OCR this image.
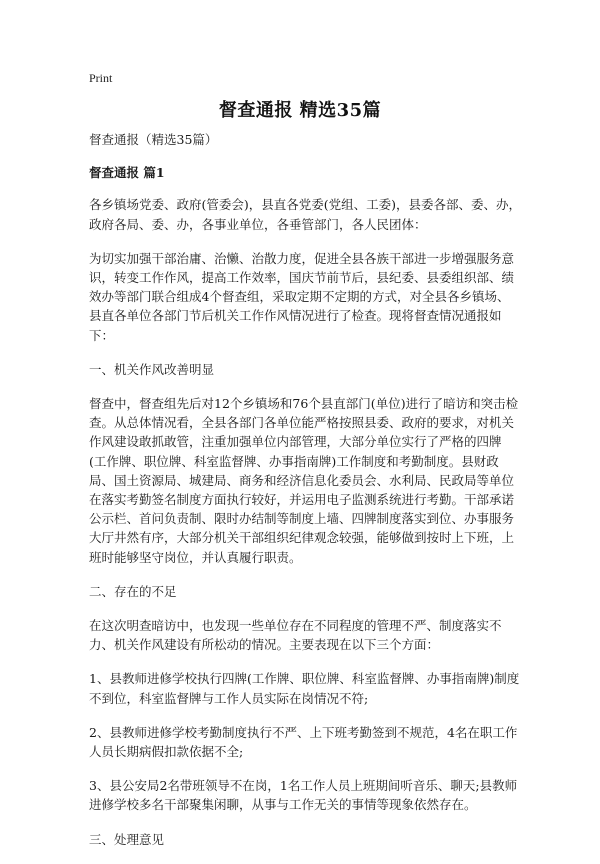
Print
督查通报 精选35篇

督查通报（精选35篇）

督查通报 篇1

各乡镇场党委、政府(管委会)，县直各党委(党组、工委)，县委各部、委、办，政府各局、委、办，各事业单位，各垂管部门，各人民团体：

为切实加强干部治庸、治懒、治散力度，促进全县各族干部进一步增强服务意识，转变工作作风，提高工作效率，国庆节前节后，县纪委、县委组织部、绩效办等部门联合组成4个督查组，采取定期不定期的方式，对全县各乡镇场、县直各单位各部门节后机关工作作风情况进行了检查。现将督查情况通报如下：

一、机关作风改善明显

督查中，督查组先后对12个乡镇场和76个县直部门(单位)进行了暗访和突击检查。从总体情况看，全县各部门各单位能严格按照县委、政府的要求，对机关作风建设敢抓敢管，注重加强单位内部管理，大部分单位实行了严格的四牌 (工作牌、职位牌、科室监督牌、办事指南牌)工作制度和考勤制度。县财政局、国土资源局、城建局、商务和经济信息化委员会、水利局、民政局等单位在落实考勤签名制度方面执行较好，并运用电子监测系统进行考勤。干部承诺公示栏、首问负责制、限时办结制等制度上墙、四牌制度落实到位、办事服务大厅井然有序，大部分机关干部组织纪律观念较强，能够做到按时上下班，上班时能够坚守岗位，并认真履行职责。

二、存在的不足

在这次明查暗访中，也发现一些单位存在不同程度的管理不严、制度落实不力、机关作风建设有所松动的情况。主要表现在以下三个方面：

1、县教师进修学校执行四牌(工作牌、职位牌、科室监督牌、办事指南牌)制度不到位，科室监督牌与工作人员实际在岗情况不符;

2、县教师进修学校考勤制度执行不严、上下班考勤签到不规范，4名在职工作人员长期病假扣款依据不全;

3、县公安局2名带班领导不在岗，1名工作人员上班期间听音乐、聊天;县教师进修学校多名干部聚集闲聊，从事与工作无关的事情等现象依然存在。

三、处理意见
